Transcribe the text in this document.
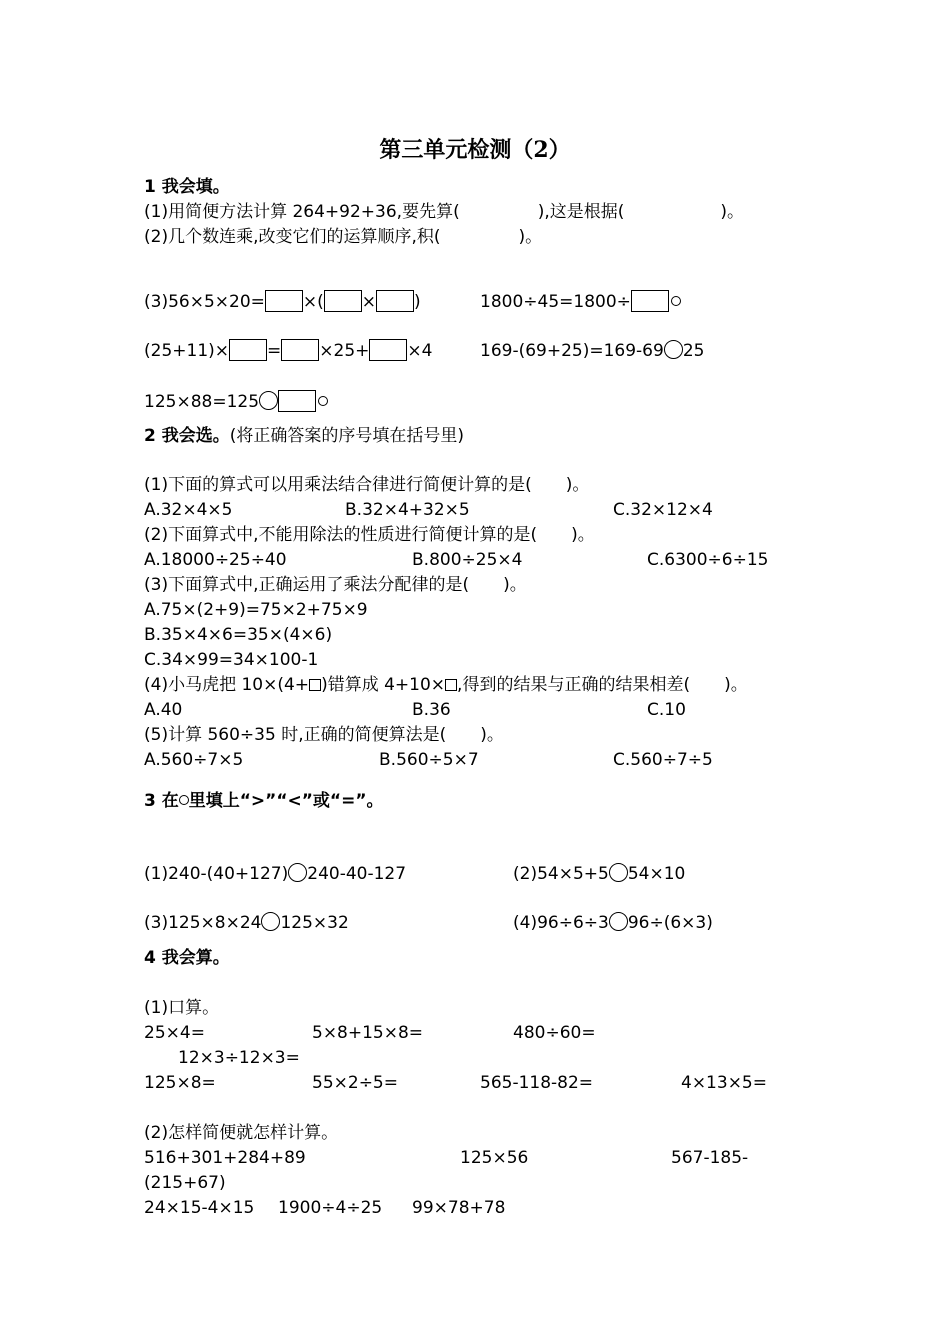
第三单元检测（2）
1 我会填。
(1)用简便方法计算 264+92+36,要先算(	),这是根据(	)。
(2)几个数连乘,改变它们的运算顺序,积(	)。
(3)56×5×20= ×( × )	1800÷45=1800÷
(25+11)× = ×25+ ×4	169-(69+25)=169-69 25
125×88=125
2 我会选。(将正确答案的序号填在括号里)
(1)下面的算式可以用乘法结合律进行简便计算的是(　　)。
A.32×4×5	B.32×4+32×5	C.32×12×4
(2)下面算式中,不能用除法的性质进行简便计算的是(　　)。
A.18000÷25÷40	B.800÷25×4	C.6300÷6÷15
(3)下面算式中,正确运用了乘法分配律的是(　　)。
A.75×(2+9)=75×2+75×9
B.35×4×6=35×(4×6)
C.34×99=34×100-1
(4)小马虎把 10×(4+ )错算成 4+10× ,得到的结果与正确的结果相差(　　)。
A.40	B.36	C.10
(5)计算 560÷35 时,正确的简便算法是(　　)。
A.560÷7×5	B.560÷5×7	C.560÷7÷5
3 在 里填上“>”“<”或“=”。
(1)240-(40+127) 240-40-127	(2)54×5+5 54×10
(3)125×8×24 125×32	(4)96÷6÷3 96÷(6×3)
4 我会算。
(1)口算。
25×4=	5×8+15×8=	480÷60=
12×3÷12×3=
125×8=	55×2÷5=	565-118-82=	4×13×5=
(2)怎样简便就怎样计算。
516+301+284+89	125×56	567-185-
(215+67)
24×15-4×15 1900÷4÷25 99×78+78
